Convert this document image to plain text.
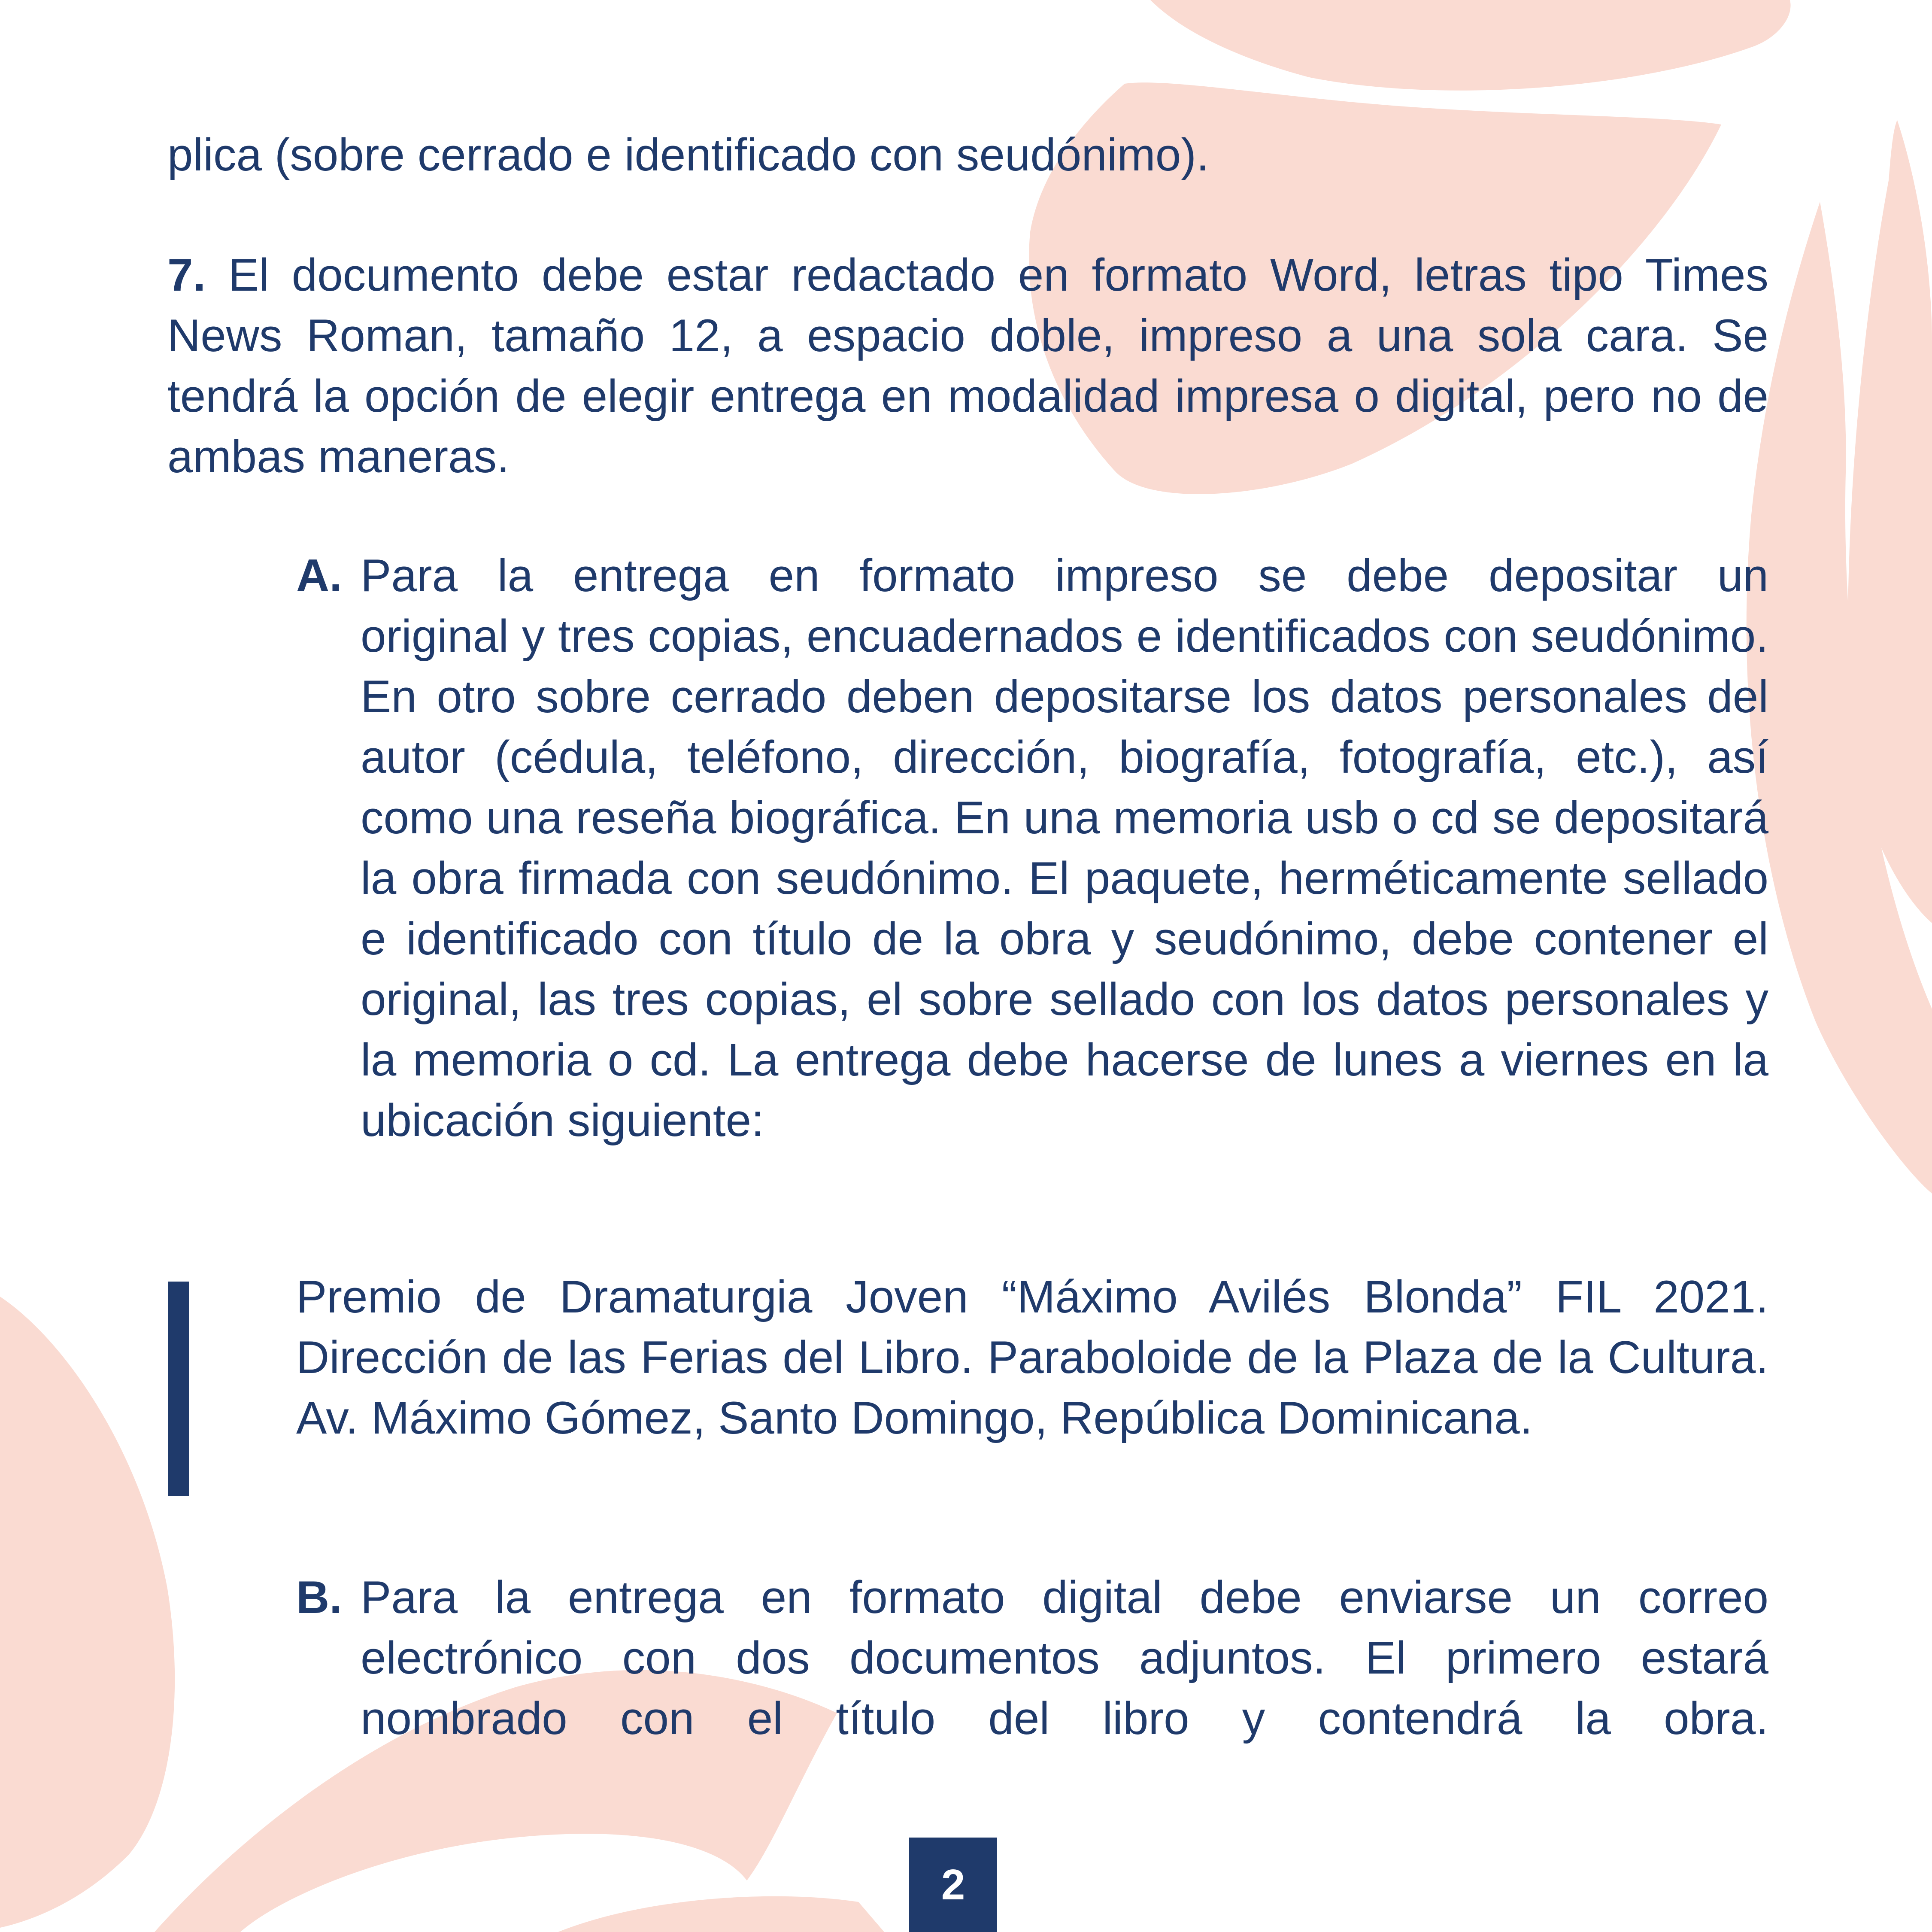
plica (sobre cerrado e identificado con seudónimo).

7. El documento debe estar redactado en formato Word, letras tipo Times News Roman, tamaño 12, a espacio doble, impreso a una sola cara. Se tendrá la opción de elegir entrega en modalidad impresa o digital, pero no de ambas maneras.

A. Para la entrega en formato impreso se debe depositar un
original y tres copias, encuadernados e identificados con seudónimo. En otro sobre cerrado deben depositarse los datos personales del autor (cédula, teléfono, dirección, biografía, fotografía, etc.), así como una reseña biográfica. En una memoria usb o cd se depositará la obra firmada con seudónimo. El paquete, herméticamente sellado e identificado con título de la obra y seudónimo, debe contener el original, las tres copias, el sobre sellado con los datos personales y la memoria o cd. La entrega debe hacerse de lunes a viernes en la ubicación siguiente:

Premio de Dramaturgia Joven “Máximo Avilés Blonda” FIL 2021. Dirección de las Ferias del Libro. Paraboloide de la Plaza de la Cultura. Av. Máximo Gómez, Santo Domingo, República Dominicana.

B. Para la entrega en formato digital debe enviarse un correo
electrónico con dos documentos adjuntos. El primero estará nombrado con el título del libro y contendrá la obra.

2
